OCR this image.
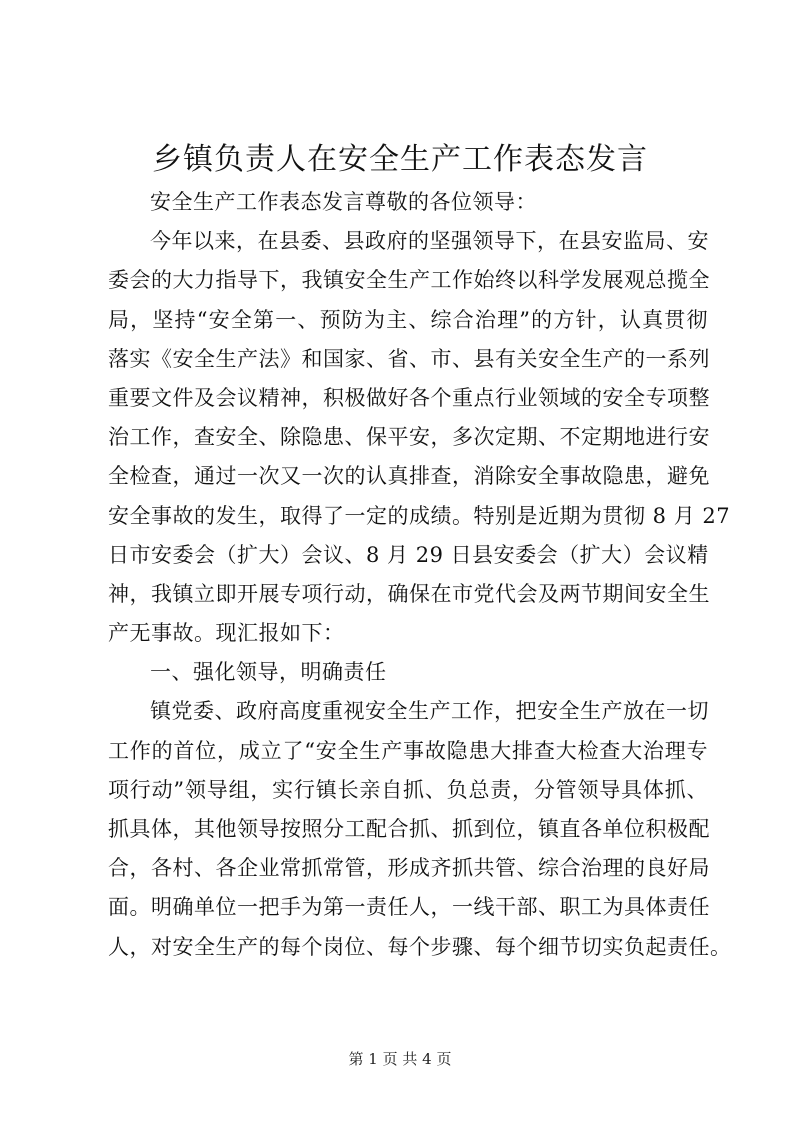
乡镇负责人在安全生产工作表态发言
安全生产工作表态发言尊敬的各位领导：
今年以来，在县委、县政府的坚强领导下，在县安监局、安
委会的大力指导下，我镇安全生产工作始终以科学发展观总揽全
局，坚持“安全第一、预防为主、综合治理”的方针，认真贯彻
落实《安全生产法》和国家、省、市、县有关安全生产的一系列
重要文件及会议精神，积极做好各个重点行业领域的安全专项整
治工作，查安全、除隐患、保平安，多次定期、不定期地进行安
全检查，通过一次又一次的认真排查，消除安全事故隐患，避免
安全事故的发生，取得了一定的成绩。特别是近期为贯彻 8 月 27
日市安委会（扩大）会议、8 月 29 日县安委会（扩大）会议精
神，我镇立即开展专项行动，确保在市党代会及两节期间安全生
产无事故。现汇报如下：
一、强化领导，明确责任
镇党委、政府高度重视安全生产工作，把安全生产放在一切
工作的首位，成立了“安全生产事故隐患大排查大检查大治理专
项行动”领导组，实行镇长亲自抓、负总责，分管领导具体抓、
抓具体，其他领导按照分工配合抓、抓到位，镇直各单位积极配
合，各村、各企业常抓常管，形成齐抓共管、综合治理的良好局
面。明确单位一把手为第一责任人，一线干部、职工为具体责任
人，对安全生产的每个岗位、每个步骤、每个细节切实负起责任。
第 1 页 共 4 页
